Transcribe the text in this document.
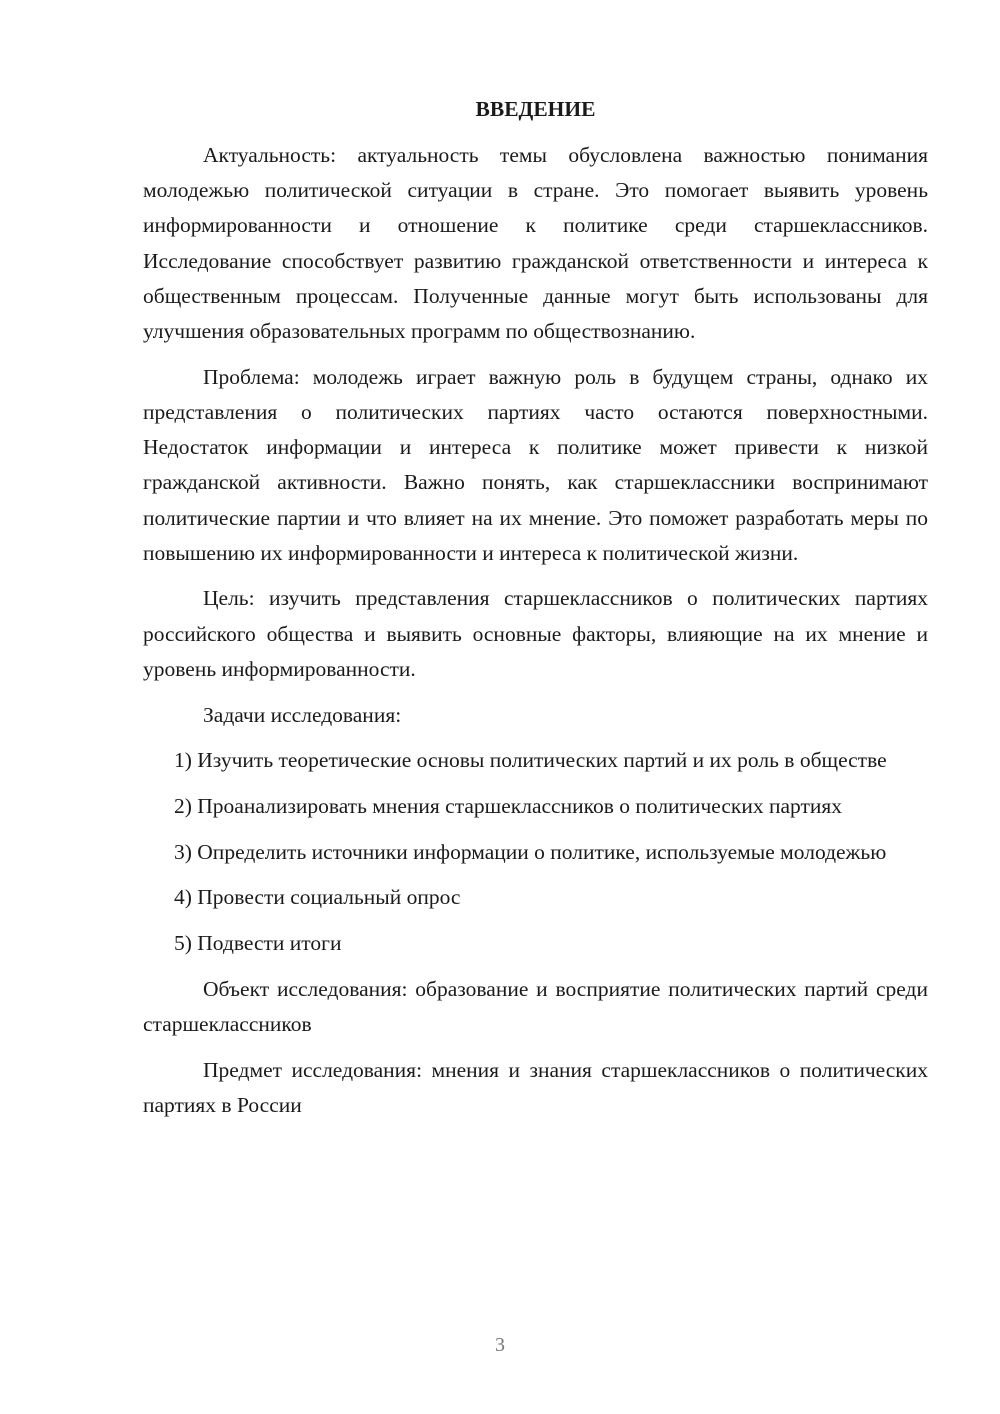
ВВЕДЕНИЕ

Актуальность: актуальность темы обусловлена важностью понимания молодежью политической ситуации в стране. Это помогает выявить уровень информированности и отношение к политике среди старшеклассников. Исследование способствует развитию гражданской ответственности и интереса к общественным процессам. Полученные данные могут быть использованы для улучшения образовательных программ по обществознанию.

Проблема: молодежь играет важную роль в будущем страны, однако их представления о политических партиях часто остаются поверхностными. Недостаток информации и интереса к политике может привести к низкой гражданской активности. Важно понять, как старшеклассники воспринимают политические партии и что влияет на их мнение. Это поможет разработать меры по повышению их информированности и интереса к политической жизни.

Цель: изучить представления старшеклассников о политических партиях российского общества и выявить основные факторы, влияющие на их мнение и уровень информированности.

Задачи исследования:

1) Изучить теоретические основы политических партий и их роль в обществе

2) Проанализировать мнения старшеклассников о политических партиях

3) Определить источники информации о политике, используемые молодежью

4) Провести социальный опрос

5) Подвести итоги

Объект исследования: образование и восприятие политических партий среди старшеклассников

Предмет исследования: мнения и знания старшеклассников о политических партиях в России

3
